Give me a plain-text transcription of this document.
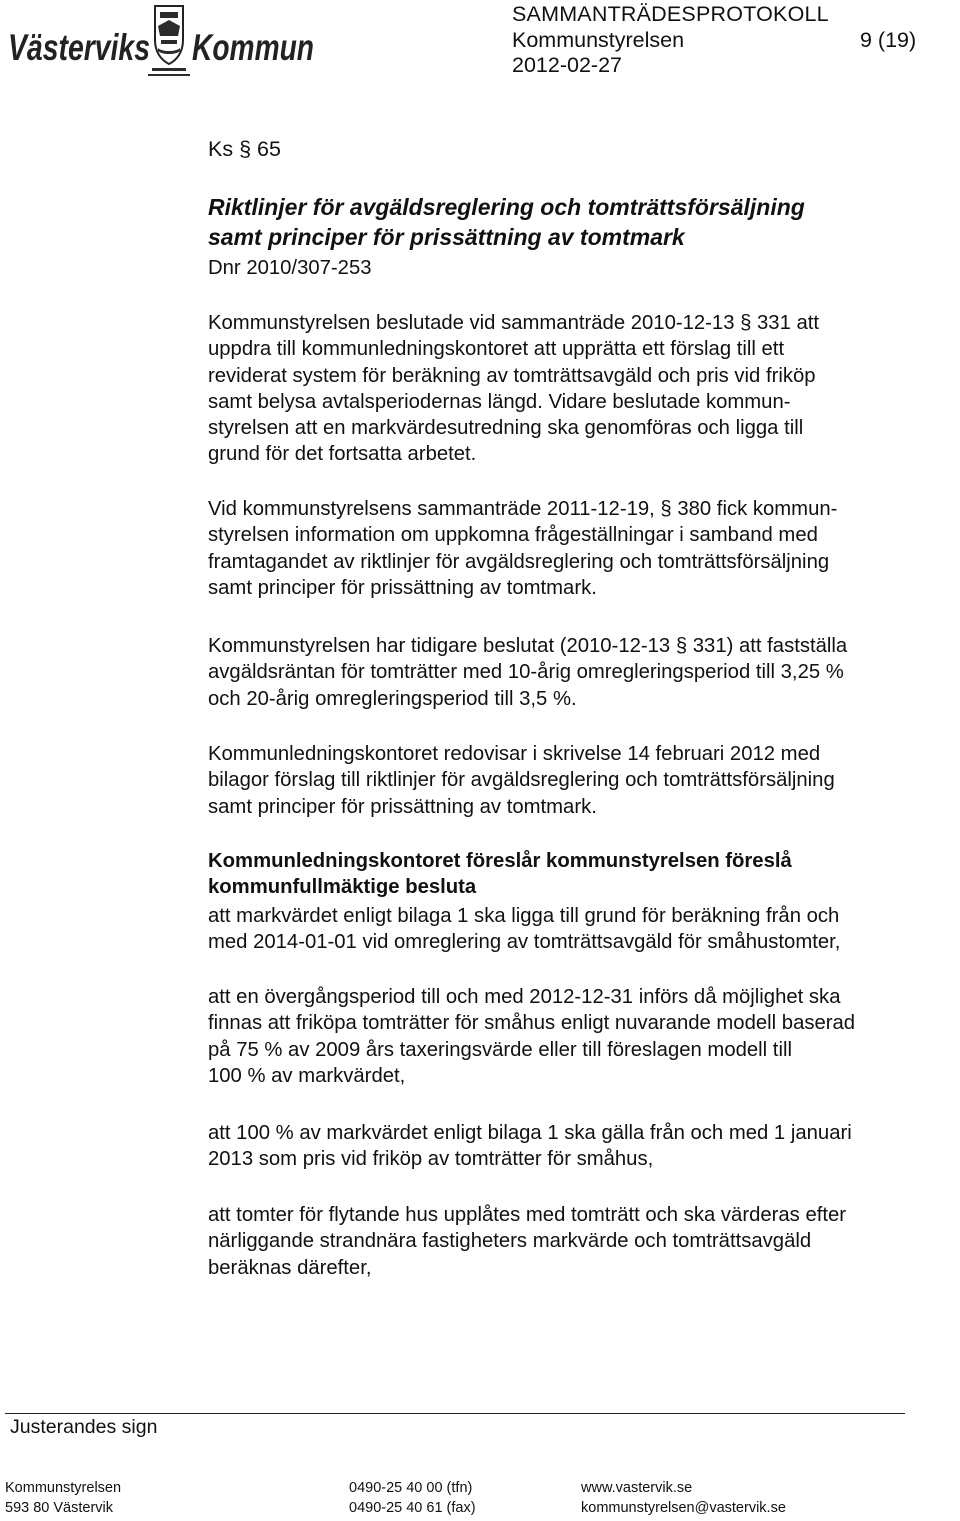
Västerviks Kommun
SAMMANTRÄDESPROTOKOLL
Kommunstyrelsen	9 (19)
2012-02-27
Ks § 65
Riktlinjer för avgäldsreglering och tomträttsförsäljning
samt principer för prissättning av tomtmark
Dnr 2010/307-253
Kommunstyrelsen beslutade vid sammanträde 2010-12-13 § 331 att
uppdra till kommunledningskontoret att upprätta ett förslag till ett
reviderat system för beräkning av tomträttsavgäld och pris vid friköp
samt belysa avtalsperiodernas längd. Vidare beslutade kommun-
styrelsen att en markvärdesutredning ska genomföras och ligga till
grund för det fortsatta arbetet.
Vid kommunstyrelsens sammanträde 2011-12-19, § 380 fick kommun-
styrelsen information om uppkomna frågeställningar i samband med
framtagandet av riktlinjer för avgäldsreglering och tomträttsförsäljning
samt principer för prissättning av tomtmark.
Kommunstyrelsen har tidigare beslutat (2010-12-13 § 331) att fastställa
avgäldsräntan för tomträtter med 10-årig omregleringsperiod till 3,25 %
och 20-årig omregleringsperiod till 3,5 %.
Kommunledningskontoret redovisar i skrivelse 14 februari 2012 med
bilagor förslag till riktlinjer för avgäldsreglering och tomträttsförsäljning
samt principer för prissättning av tomtmark.
Kommunledningskontoret föreslår kommunstyrelsen föreslå
kommunfullmäktige besluta
att markvärdet enligt bilaga 1 ska ligga till grund för beräkning från och
med 2014-01-01 vid omreglering av tomträttsavgäld för småhustomter,
att en övergångsperiod till och med 2012-12-31 införs då möjlighet ska
finnas att friköpa tomträtter för småhus enligt nuvarande modell baserad
på 75 % av 2009 års taxeringsvärde eller till föreslagen modell till
100 % av markvärdet,
att 100 % av markvärdet enligt bilaga 1 ska gälla från och med 1 januari
2013 som pris vid friköp av tomträtter för småhus,
att tomter för flytande hus upplåtes med tomträtt och ska värderas efter
närliggande strandnära fastigheters markvärde och tomträttsavgäld
beräknas därefter,
Justerandes sign
Kommunstyrelsen
593 80 Västervik
0490-25 40 00 (tfn)
0490-25 40 61 (fax)
www.vastervik.se
kommunstyrelsen@vastervik.se
